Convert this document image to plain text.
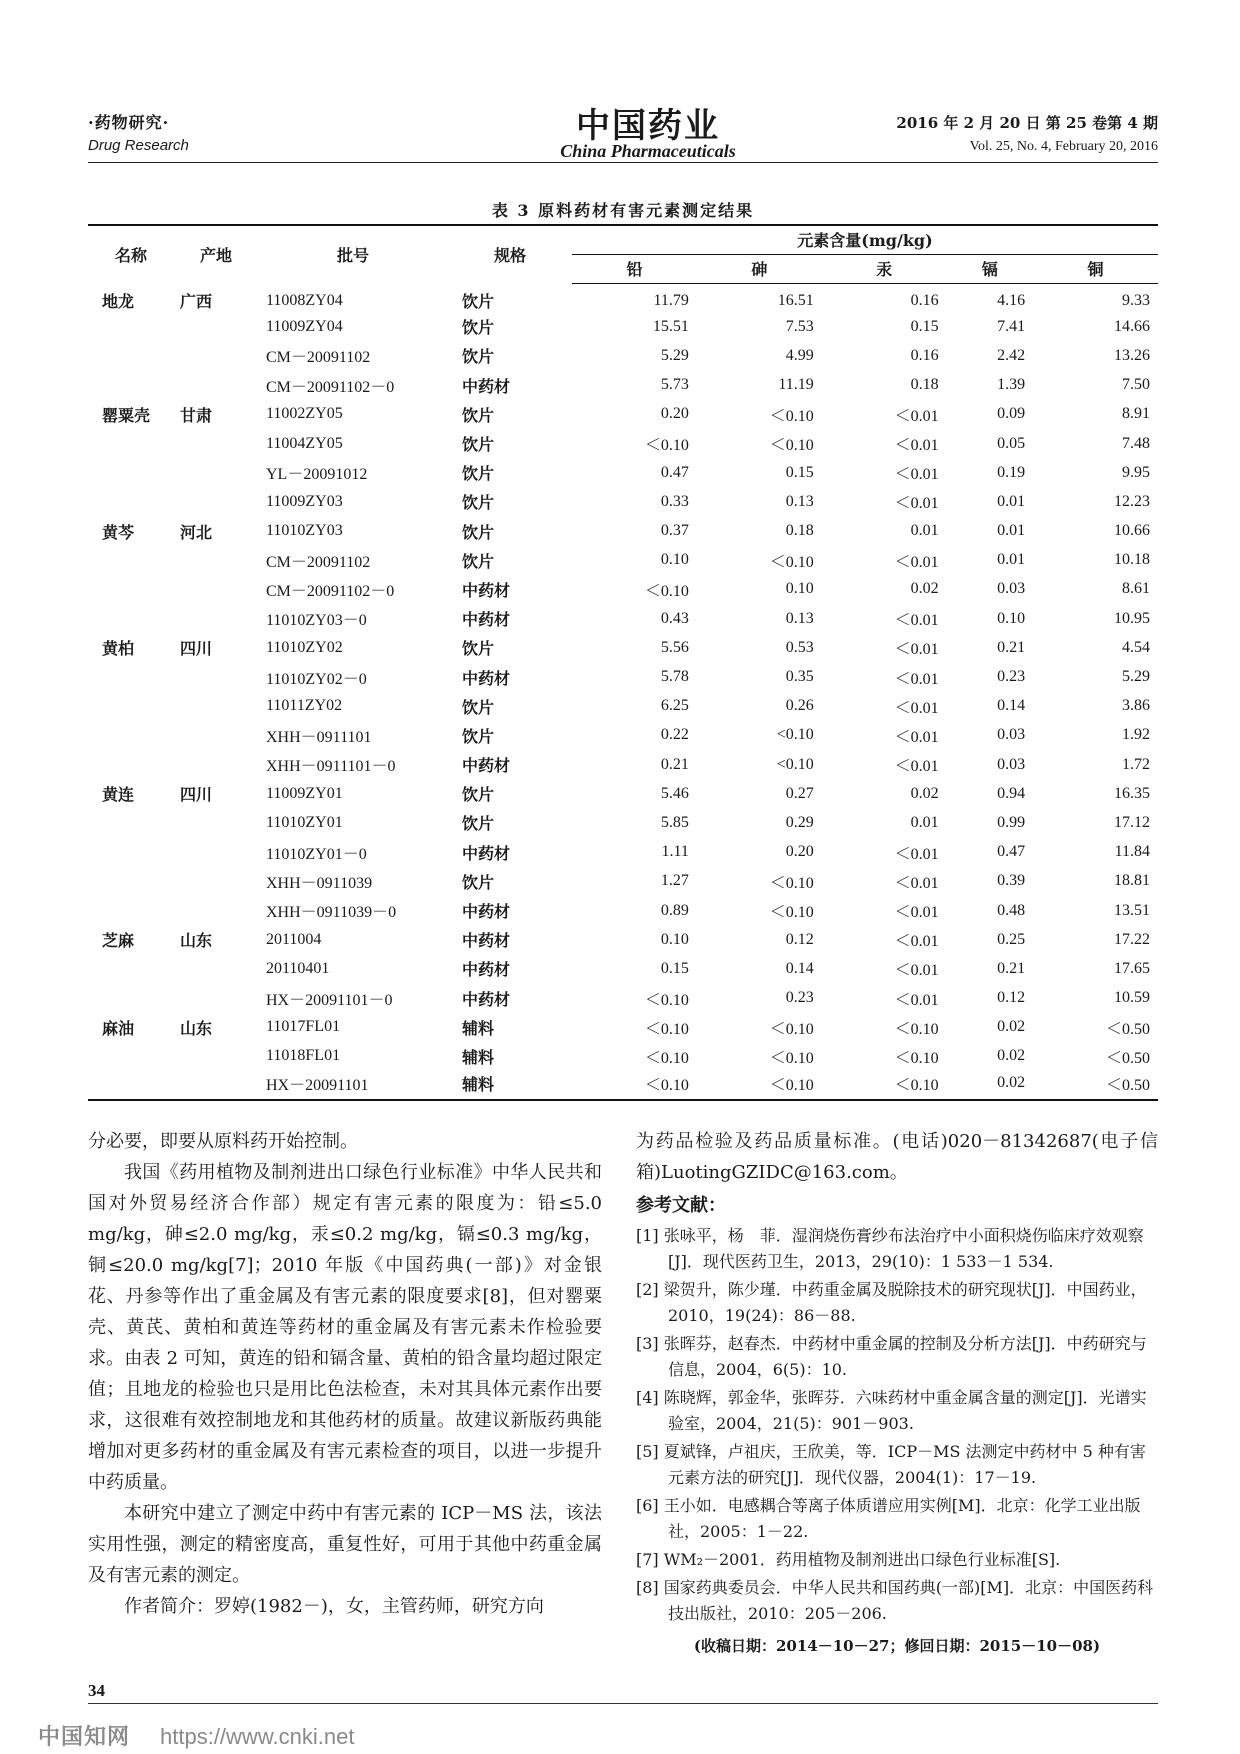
·药物研究·
Drug Research	中国药业
China Pharmaceuticals
2016 年 2 月 20 日 第 25 卷第 4 期
Vol. 25, No. 4, February 20, 2016
表 3 原料药材有害元素测定结果
名称	产地	批号	规格	元素含量(mg/kg)				
				铅	砷	汞	镉	铜
地龙	广西	11008ZY04	饮片	11.79	16.51	0.16	4.16	9.33
		11009ZY04	饮片	15.51	7.53	0.15	7.41	14.66
		CM－20091102	饮片	5.29	4.99	0.16	2.42	13.26
		CM－20091102－0	中药材	5.73	11.19	0.18	1.39	7.50
罂粟壳	甘肃	11002ZY05	饮片	0.20	＜0.10	＜0.01	0.09	8.91
		11004ZY05	饮片	＜0.10	＜0.10	＜0.01	0.05	7.48
		YL－20091012	饮片	0.47	0.15	＜0.01	0.19	9.95
		11009ZY03	饮片	0.33	0.13	＜0.01	0.01	12.23
黄芩	河北	11010ZY03	饮片	0.37	0.18	0.01	0.01	10.66
		CM－20091102	饮片	0.10	＜0.10	＜0.01	0.01	10.18
		CM－20091102－0	中药材	＜0.10	0.10	0.02	0.03	8.61
		11010ZY03－0	中药材	0.43	0.13	＜0.01	0.10	10.95
黄柏	四川	11010ZY02	饮片	5.56	0.53	＜0.01	0.21	4.54
		11010ZY02－0	中药材	5.78	0.35	＜0.01	0.23	5.29
		11011ZY02	饮片	6.25	0.26	＜0.01	0.14	3.86
		XHH－0911101	饮片	0.22	<0.10	＜0.01	0.03	1.92
		XHH－0911101－0	中药材	0.21	<0.10	＜0.01	0.03	1.72
黄连	四川	11009ZY01	饮片	5.46	0.27	0.02	0.94	16.35
		11010ZY01	饮片	5.85	0.29	0.01	0.99	17.12
		11010ZY01－0	中药材	1.11	0.20	＜0.01	0.47	11.84
		XHH－0911039	饮片	1.27	＜0.10	＜0.01	0.39	18.81
		XHH－0911039－0	中药材	0.89	＜0.10	＜0.01	0.48	13.51
芝麻	山东	2011004	中药材	0.10	0.12	＜0.01	0.25	17.22
		20110401	中药材	0.15	0.14	＜0.01	0.21	17.65
		HX－20091101－0	中药材	＜0.10	0.23	＜0.01	0.12	10.59
麻油	山东	11017FL01	辅料	＜0.10	＜0.10	＜0.10	0.02	＜0.50
		11018FL01	辅料	＜0.10	＜0.10	＜0.10	0.02	＜0.50
		HX－20091101	辅料	＜0.10	＜0.10	＜0.10	0.02	＜0.50

分必要，即要从原料药开始控制。

我国《药用植物及制剂进出口绿色行业标准》中华人民共和国对外贸易经济合作部）规定有害元素的限度为：铅≤5.0 mg/kg，砷≤2.0 mg/kg，汞≤0.2 mg/kg，镉≤0.3 mg/kg，铜≤20.0 mg/kg[7]；2010 年版《中国药典(一部)》对金银花、丹参等作出了重金属及有害元素的限度要求[8]，但对罂粟壳、黄芪、黄柏和黄连等药材的重金属及有害元素未作检验要求。由表 2 可知，黄连的铅和镉含量、黄柏的铅含量均超过限定值；且地龙的检验也只是用比色法检查，未对其具体元素作出要求，这很难有效控制地龙和其他药材的质量。故建议新版药典能增加对更多药材的重金属及有害元素检查的项目，以进一步提升中药质量。

本研究中建立了测定中药中有害元素的 ICP－MS 法，该法实用性强，测定的精密度高，重复性好，可用于其他中药重金属及有害元素的测定。

作者简介：罗婷(1982－)，女，主管药师，研究方向

为药品检验及药品质量标准。(电话)020－81342687(电子信箱)LuotingGZIDC@163.com。

参考文献：
[1] 张咏平，杨　菲．湿润烧伤膏纱布法治疗中小面积烧伤临床疗效观察[J]．现代医药卫生，2013，29(10)：1 533－1 534.
[2] 梁贺升，陈少瑾．中药重金属及脱除技术的研究现状[J]．中国药业，2010，19(24)：86－88.
[3] 张晖芬，赵春杰．中药材中重金属的控制及分析方法[J]．中药研究与信息，2004，6(5)：10.
[4] 陈晓辉，郭金华，张晖芬．六味药材中重金属含量的测定[J]．光谱实验室，2004，21(5)：901－903.
[5] 夏斌锋，卢祖庆，王欣美，等．ICP－MS 法测定中药材中 5 种有害元素方法的研究[J]．现代仪器，2004(1)：17－19.
[6] 王小如．电感耦合等离子体质谱应用实例[M]．北京：化学工业出版社，2005：1－22.
[7] WM₂－2001．药用植物及制剂进出口绿色行业标准[S].
[8] 国家药典委员会．中华人民共和国药典(一部)[M]．北京：中国医药科技出版社，2010：205－206.
(收稿日期：2014－10－27；修回日期：2015－10－08)
34
中国知网 https://www.cnki.net
